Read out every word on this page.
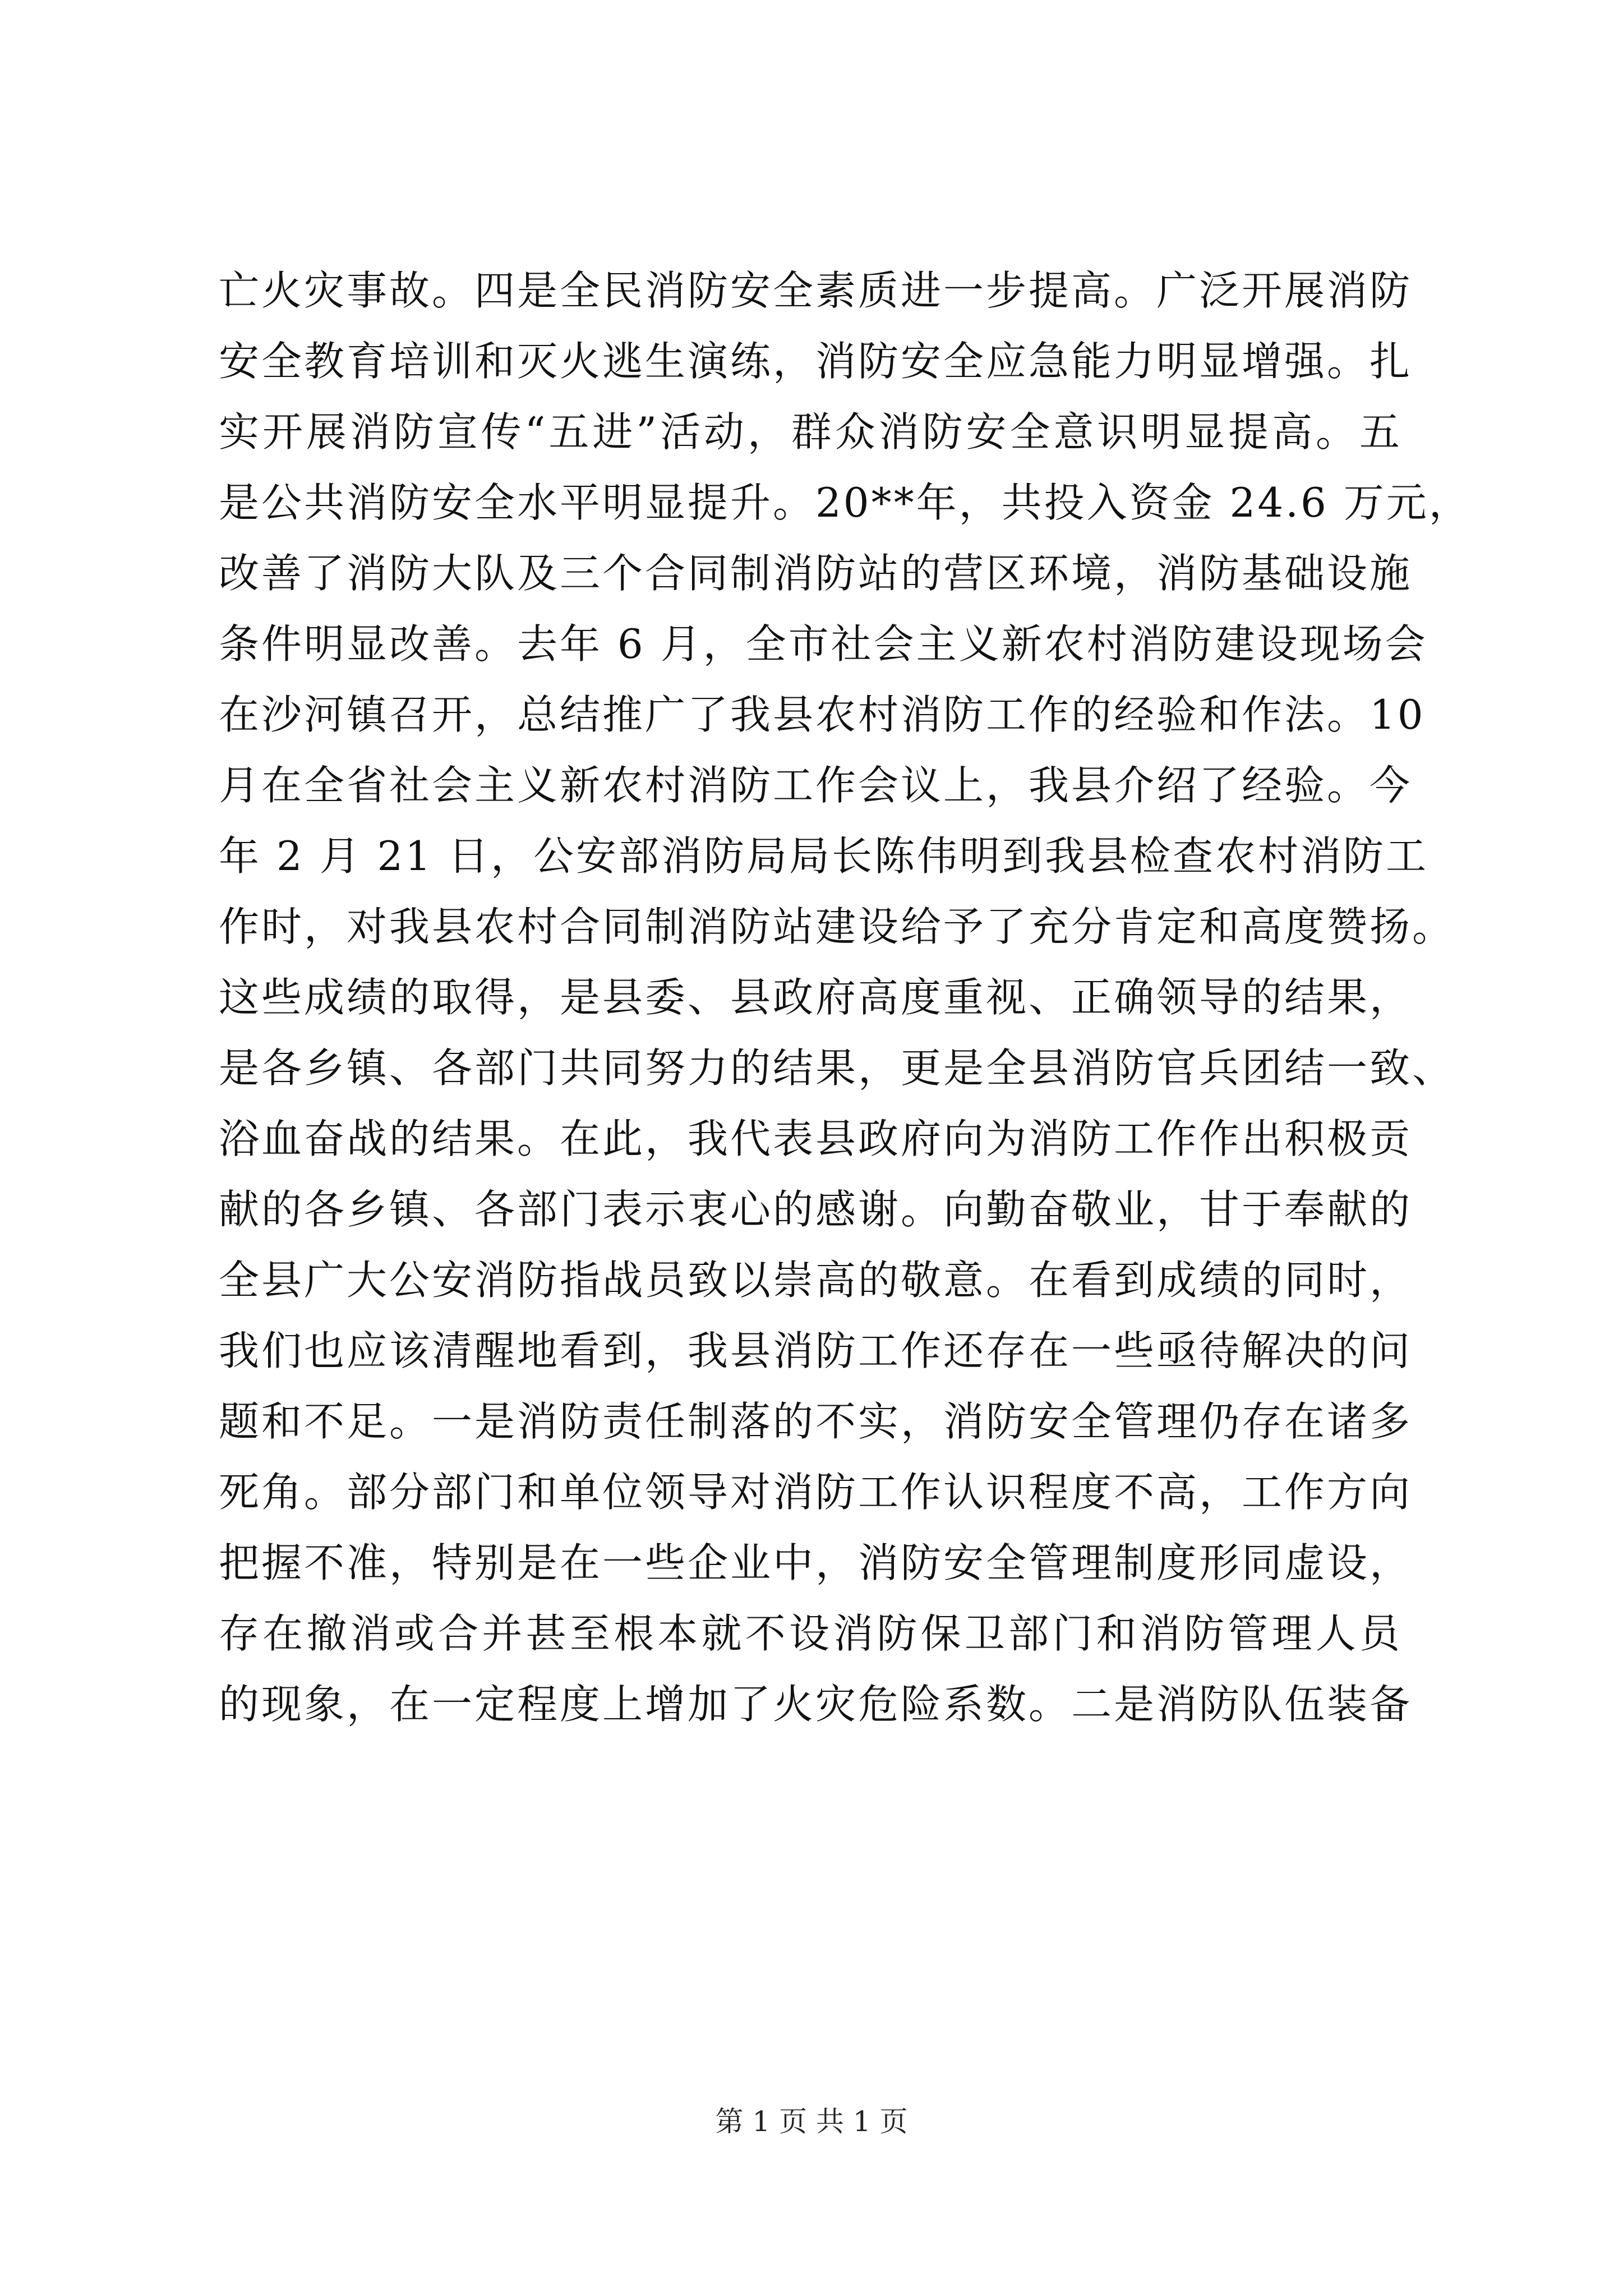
亡火灾事故。四是全民消防安全素质进一步提高。广泛开展消防
安全教育培训和灭火逃生演练，消防安全应急能力明显增强。扎
实开展消防宣传“五进”活动，群众消防安全意识明显提高。五
是公共消防安全水平明显提升。20**年，共投入资金 24.6 万元，
改善了消防大队及三个合同制消防站的营区环境，消防基础设施
条件明显改善。去年 6 月，全市社会主义新农村消防建设现场会
在沙河镇召开，总结推广了我县农村消防工作的经验和作法。10
月在全省社会主义新农村消防工作会议上，我县介绍了经验。今
年 2 月 21 日，公安部消防局局长陈伟明到我县检查农村消防工
作时，对我县农村合同制消防站建设给予了充分肯定和高度赞扬。
这些成绩的取得，是县委、县政府高度重视、正确领导的结果，
是各乡镇、各部门共同努力的结果，更是全县消防官兵团结一致、
浴血奋战的结果。在此，我代表县政府向为消防工作作出积极贡
献的各乡镇、各部门表示衷心的感谢。向勤奋敬业，甘于奉献的
全县广大公安消防指战员致以崇高的敬意。在看到成绩的同时，
我们也应该清醒地看到，我县消防工作还存在一些亟待解决的问
题和不足。一是消防责任制落的不实，消防安全管理仍存在诸多
死角。部分部门和单位领导对消防工作认识程度不高，工作方向
把握不准，特别是在一些企业中，消防安全管理制度形同虚设，
存在撤消或合并甚至根本就不设消防保卫部门和消防管理人员
的现象，在一定程度上增加了火灾危险系数。二是消防队伍装备
第 1 页 共 1 页
